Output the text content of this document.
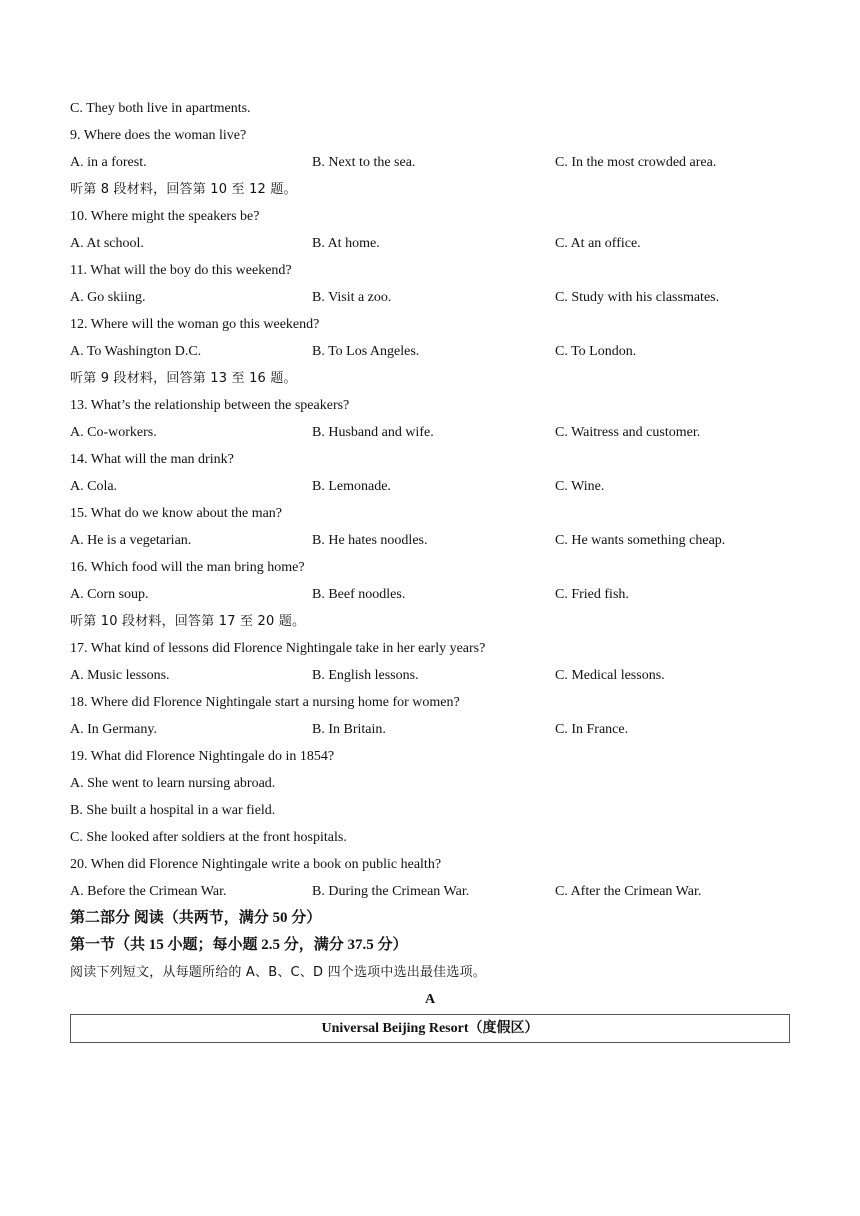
C. They both live in apartments.
9. Where does the woman live?
A. in a forest.	B. Next to the sea.	C. In the most crowded area.
听第 8 段材料，回答第 10 至 12 题。
10. Where might the speakers be?
A. At school.	B. At home.	C. At an office.
11. What will the boy do this weekend?
A. Go skiing.	B. Visit a zoo.	C. Study with his classmates.
12. Where will the woman go this weekend?
A. To Washington D.C.	B. To Los Angeles.	C. To London.
听第 9 段材料，回答第 13 至 16 题。
13. What’s the relationship between the speakers?
A. Co-workers.	B. Husband and wife.	C. Waitress and customer.
14. What will the man drink?
A. Cola.	B. Lemonade.	C. Wine.
15. What do we know about the man?
A. He is a vegetarian.	B. He hates noodles.	C. He wants something cheap.
16. Which food will the man bring home?
A. Corn soup.	B. Beef noodles.	C. Fried fish.
听第 10 段材料，回答第 17 至 20 题。
17. What kind of lessons did Florence Nightingale take in her early years?
A. Music lessons.	B. English lessons.	C. Medical lessons.
18. Where did Florence Nightingale start a nursing home for women?
A. In Germany.	B. In Britain.	C. In France.
19. What did Florence Nightingale do in 1854?
A. She went to learn nursing abroad.
B. She built a hospital in a war field.
C. She looked after soldiers at the front hospitals.
20. When did Florence Nightingale write a book on public health?
A. Before the Crimean War.	B. During the Crimean War.	C. After the Crimean War.
第二部分 阅读（共两节，满分 50 分）
第一节（共 15 小题；每小题 2.5 分，满分 37.5 分）
阅读下列短文，从每题所给的 A、B、C、D 四个选项中选出最佳选项。
A
Universal Beijing Resort（度假区）
